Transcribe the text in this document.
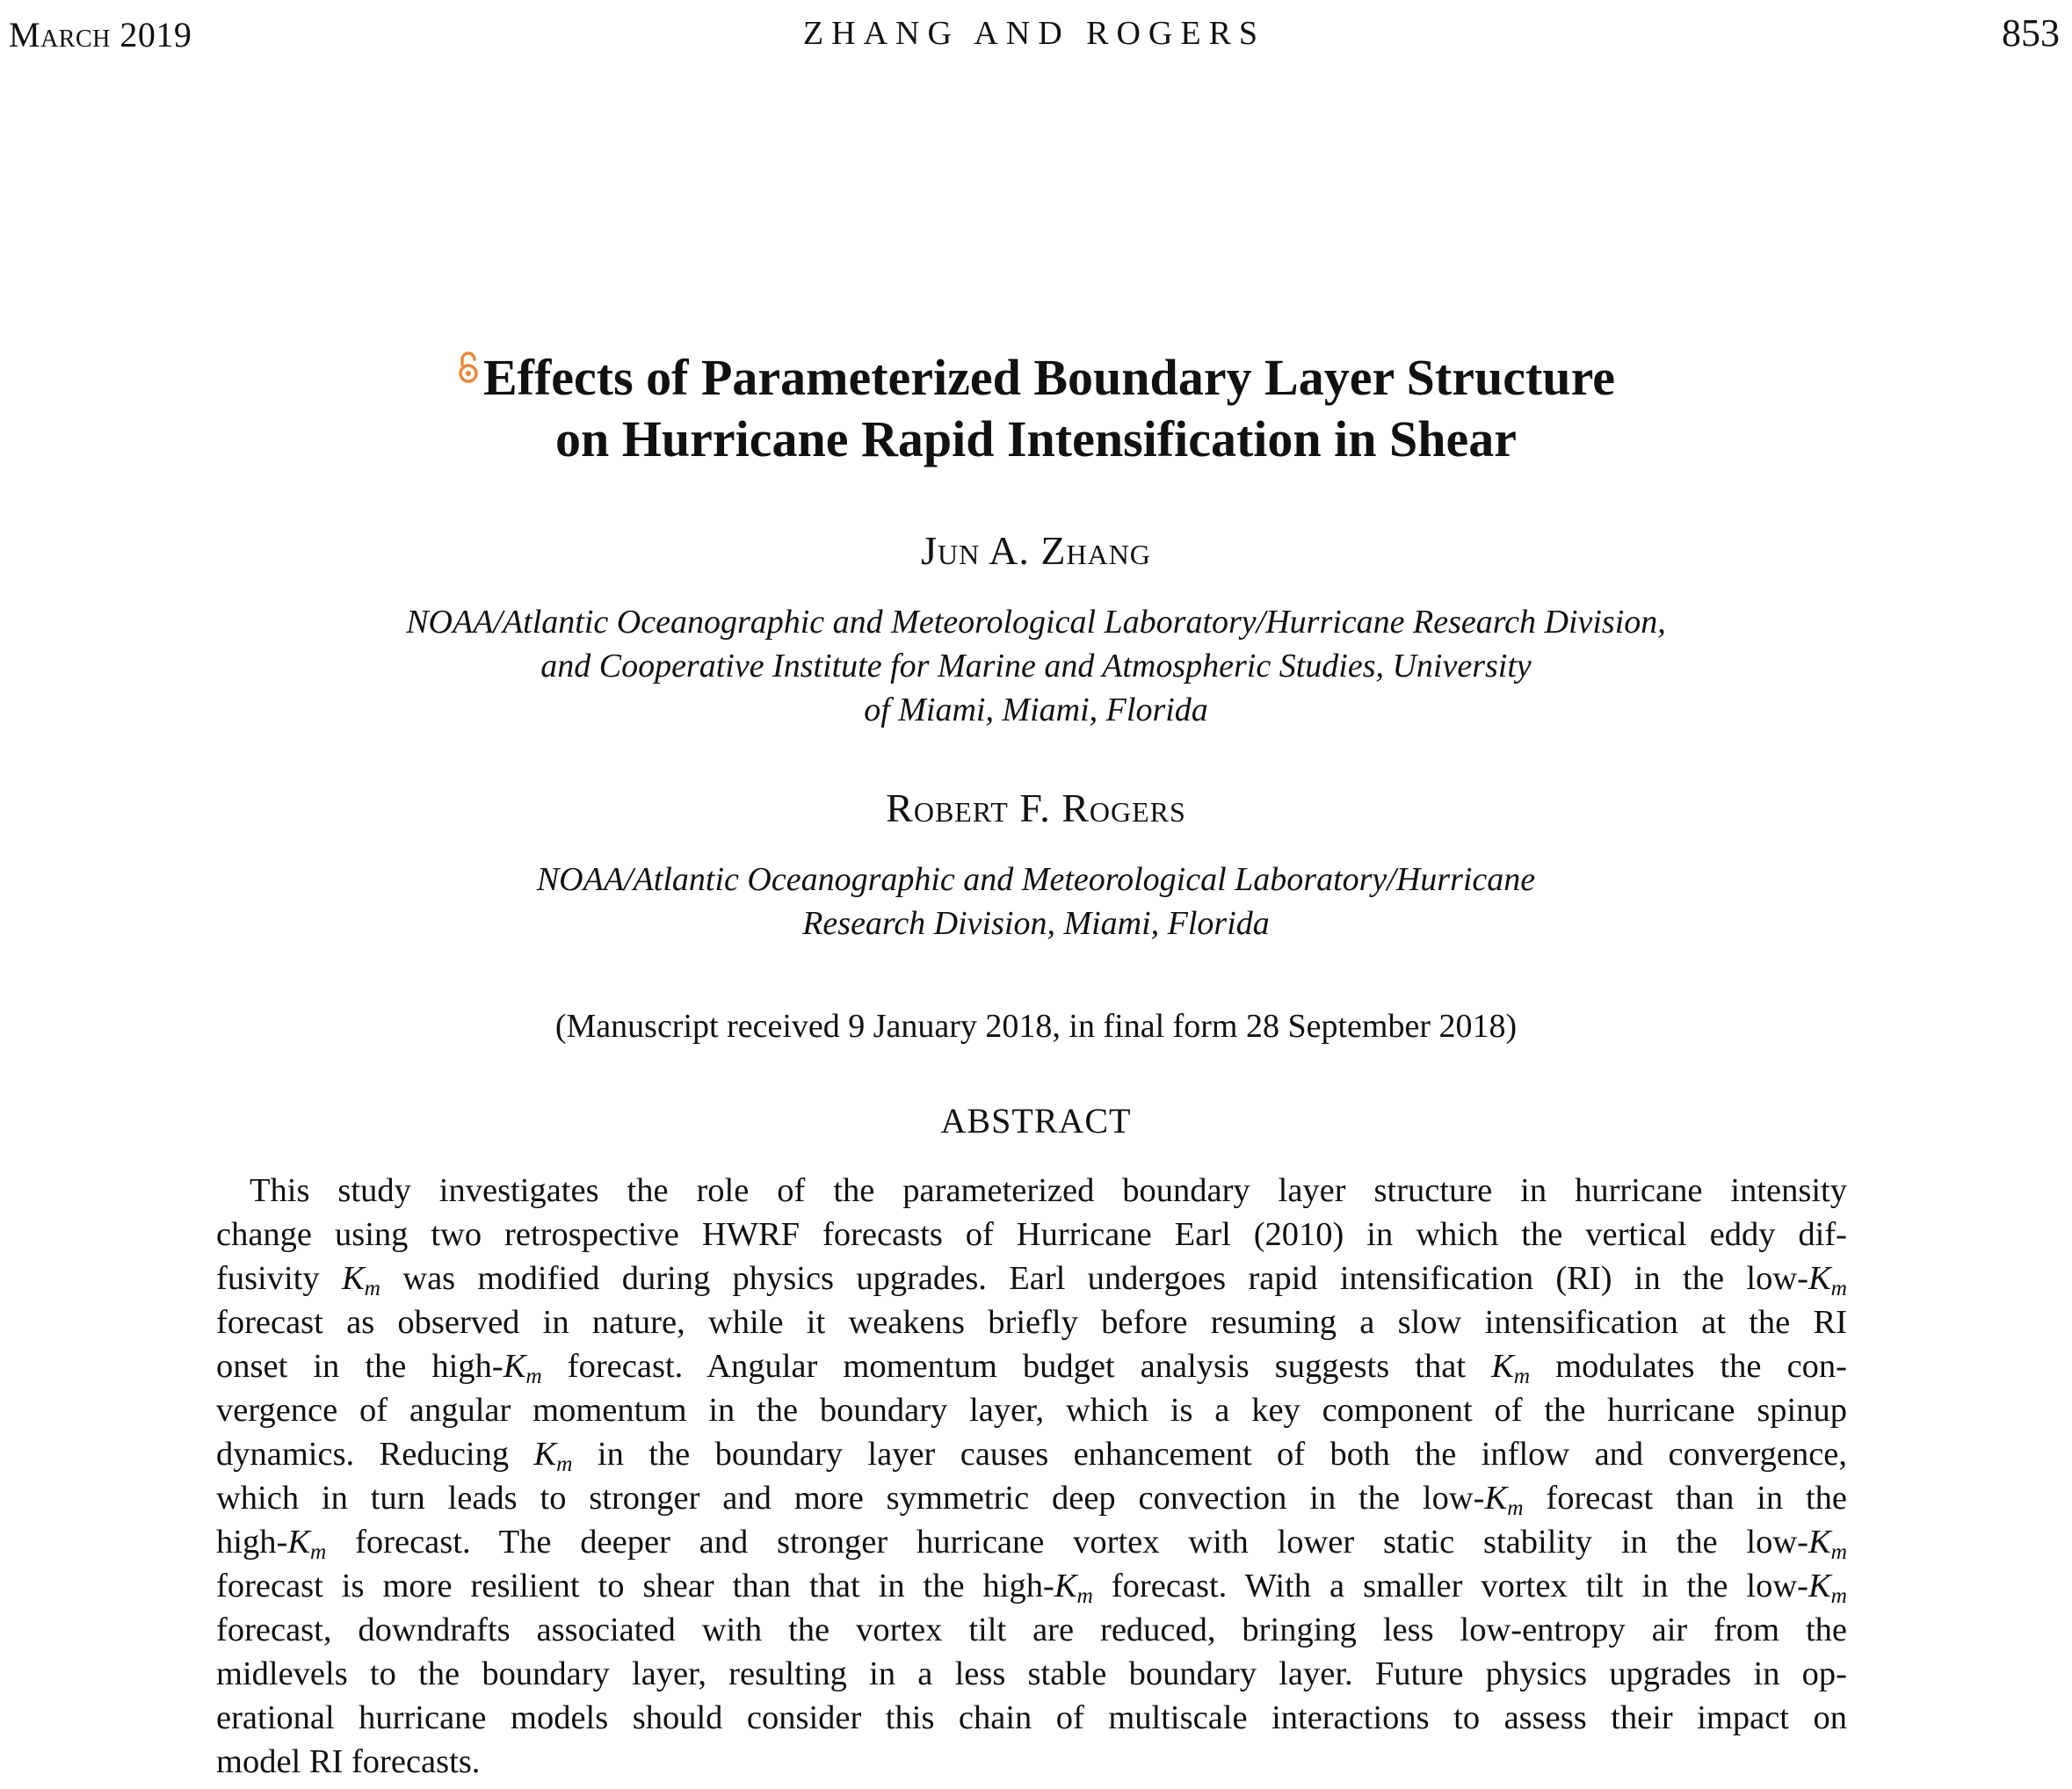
March 2019	ZHANG AND ROGERS	853
Effects of Parameterized Boundary Layer Structure
on Hurricane Rapid Intensification in Shear
Jun A. Zhang
NOAA/Atlantic Oceanographic and Meteorological Laboratory/Hurricane Research Division,
and Cooperative Institute for Marine and Atmospheric Studies, University
of Miami, Miami, Florida
Robert F. Rogers
NOAA/Atlantic Oceanographic and Meteorological Laboratory/Hurricane
Research Division, Miami, Florida
(Manuscript received 9 January 2018, in final form 28 September 2018)
ABSTRACT
This study investigates the role of the parameterized boundary layer structure in hurricane intensity
change using two retrospective HWRF forecasts of Hurricane Earl (2010) in which the vertical eddy dif-
fusivity $K_m$ was modified during physics upgrades. Earl undergoes rapid intensification (RI) in the low-$K_m$
forecast as observed in nature, while it weakens briefly before resuming a slow intensification at the RI
onset in the high-$K_m$ forecast. Angular momentum budget analysis suggests that $K_m$ modulates the con-
vergence of angular momentum in the boundary layer, which is a key component of the hurricane spinup
dynamics. Reducing $K_m$ in the boundary layer causes enhancement of both the inflow and convergence,
which in turn leads to stronger and more symmetric deep convection in the low-$K_m$ forecast than in the
high-$K_m$ forecast. The deeper and stronger hurricane vortex with lower static stability in the low-$K_m$
forecast is more resilient to shear than that in the high-$K_m$ forecast. With a smaller vortex tilt in the low-$K_m$
forecast, downdrafts associated with the vortex tilt are reduced, bringing less low-entropy air from the
midlevels to the boundary layer, resulting in a less stable boundary layer. Future physics upgrades in op-
erational hurricane models should consider this chain of multiscale interactions to assess their impact on
model RI forecasts.
